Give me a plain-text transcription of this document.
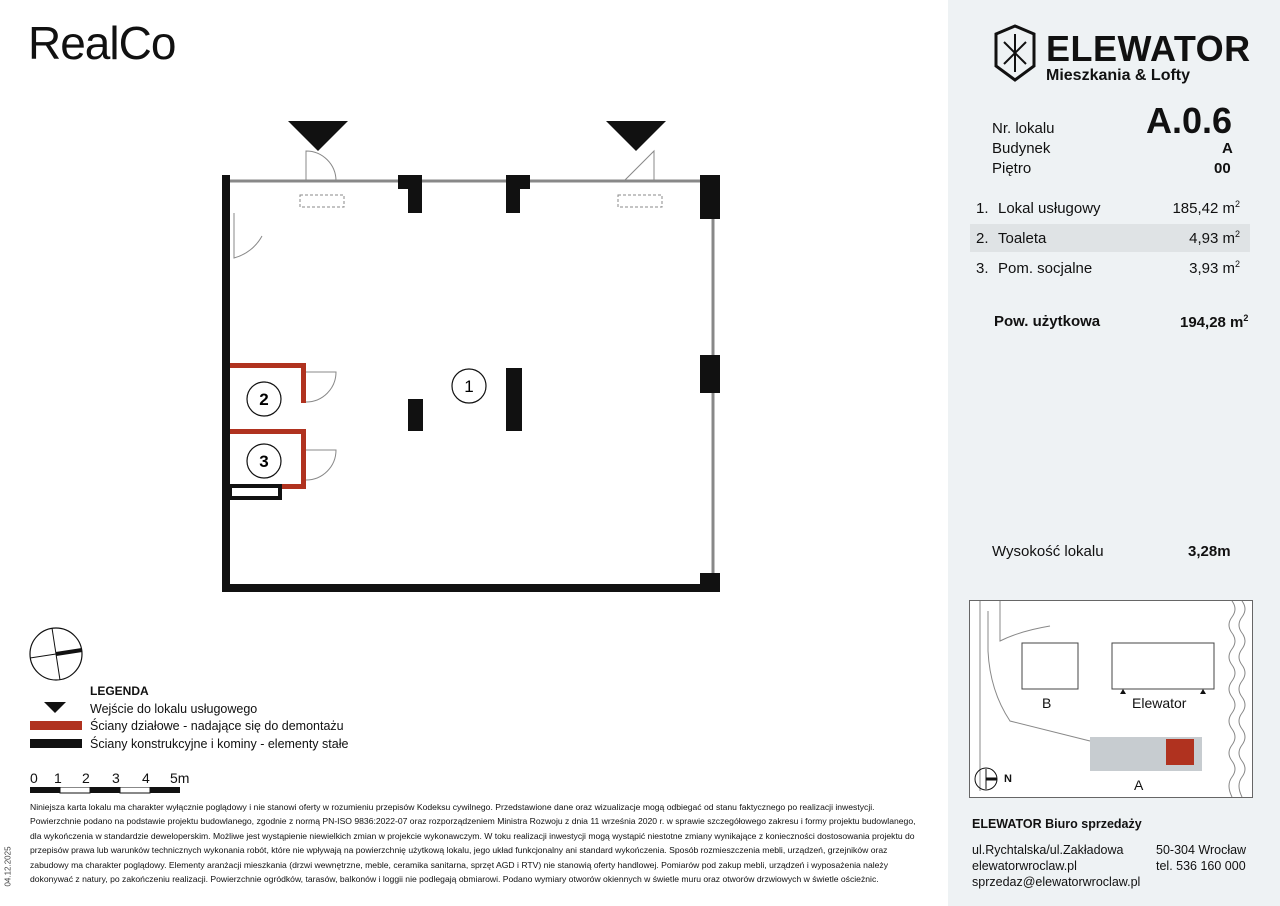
RealCo
1
2
3
LEGENDA
Wejście do lokalu usługowego
Ściany działowe - nadające się do demontażu
Ściany konstrukcyjne i kominy - elementy stałe
0 1 2 3 4 5m
Niniejsza karta lokalu ma charakter wyłącznie poglądowy i nie stanowi oferty w rozumieniu przepisów Kodeksu cywilnego. Przedstawione dane oraz wizualizacje mogą odbiegać od stanu faktycznego po realizacji inwestycji. Powierzchnie podano na podstawie projektu budowlanego, zgodnie z normą PN-ISO 9836:2022-07 oraz rozporządzeniem Ministra Rozwoju z dnia 11 września 2020 r. w sprawie szczegółowego zakresu i formy projektu budowlanego, dla wykończenia w standardzie deweloperskim. Możliwe jest wystąpienie niewielkich zmian w projekcie wykonawczym. W toku realizacji inwestycji mogą wystąpić niestotne zmiany wynikające z konieczności dostosowania projektu do przepisów prawa lub warunków technicznych wykonania robót, które nie wpływają na powierzchnię użytkową lokalu, jego układ funkcjonalny ani standard wykończenia. Sposób rozmieszczenia mebli, urządzeń, grzejników oraz zabudowy ma charakter poglądowy. Elementy aranżacji mieszkania (drzwi wewnętrzne, meble, ceramika sanitarna, sprzęt AGD i RTV) nie stanowią oferty handlowej. Pomiarów pod zakup mebli, urządzeń i wyposażenia należy dokonywać z natury, po zakończeniu realizacji. Powierzchnie ogródków, tarasów, balkonów i loggii nie podlegają obmiarowi. Podano wymiary otworów okiennych w świetle muru oraz otworów drzwiowych w świetle ościeżnic.
04.12.2025
ELEWATOR
Mieszkania & Lofty
Nr. lokalu	A.0.6
Budynek	A
Piętro	00
1. Lokal usługowy	185,42 $m^2$
2. Toaleta	4,93 $m^2$
3. Pom. socjalne	3,93 $m^2$
Pow. użytkowa	194,28 $m^2$
Wysokość lokalu	3,28m
B	Elewator
A
N
ELEWATOR Biuro sprzedaży
ul.Rychtalska/ul.Zakładowa	50-304 Wrocław
elewatorwroclaw.pl	tel. 536 160 000
sprzedaz@elewatorwroclaw.pl
